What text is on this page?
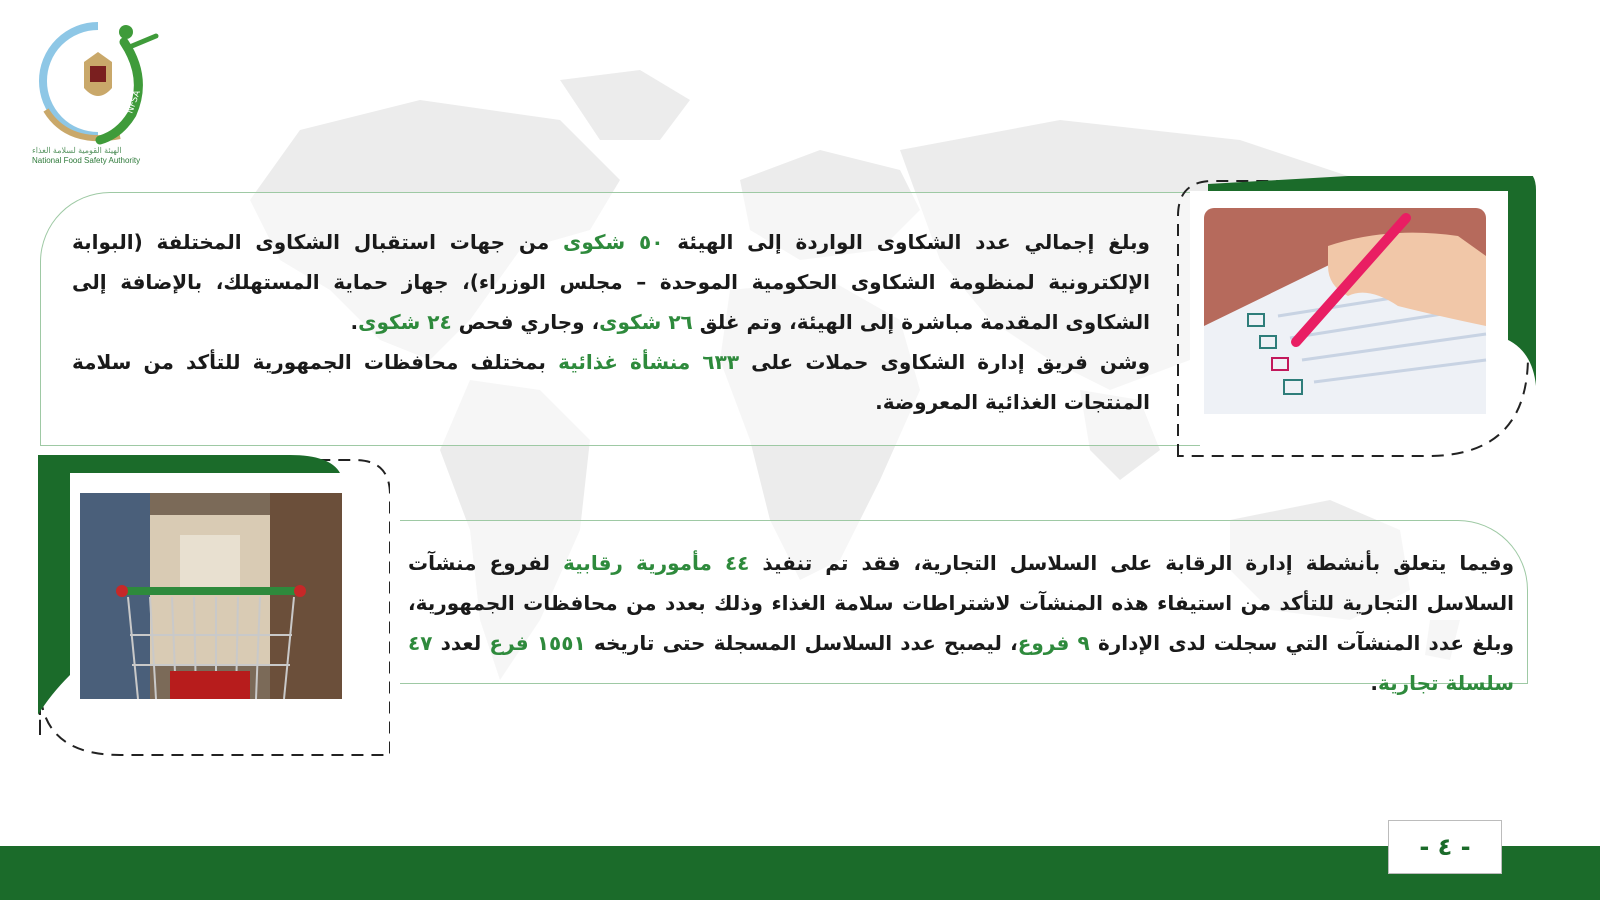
NFSA
الهيئة القومية لسلامة الغذاء
National Food Safety Authority
وبلغ إجمالي عدد الشكاوى الواردة إلى الهيئة ٥٠ شكوى من جهات استقبال الشكاوى المختلفة (البوابة الإلكترونية لمنظومة الشكاوى الحكومية الموحدة – مجلس الوزراء)، جهاز حماية المستهلك، بالإضافة إلى الشكاوى المقدمة مباشرة إلى الهيئة، وتم غلق ٢٦ شكوى، وجاري فحص ٢٤ شكوى.
وشن فريق إدارة الشكاوى حملات على ٦٣٣ منشأة غذائية بمختلف محافظات الجمهورية للتأكد من سلامة المنتجات الغذائية المعروضة.
وفيما يتعلق بأنشطة إدارة الرقابة على السلاسل التجارية، فقد تم تنفيذ ٤٤ مأمورية رقابية لفروع منشآت السلاسل التجارية للتأكد من استيفاء هذه المنشآت لاشتراطات سلامة الغذاء وذلك بعدد من محافظات الجمهورية، وبلغ عدد المنشآت التي سجلت لدى الإدارة ٩ فروع، ليصبح عدد السلاسل المسجلة حتى تاريخه ١٥٥١ فرع لعدد ٤٧ سلسلة تجارية.
- ٤ -
